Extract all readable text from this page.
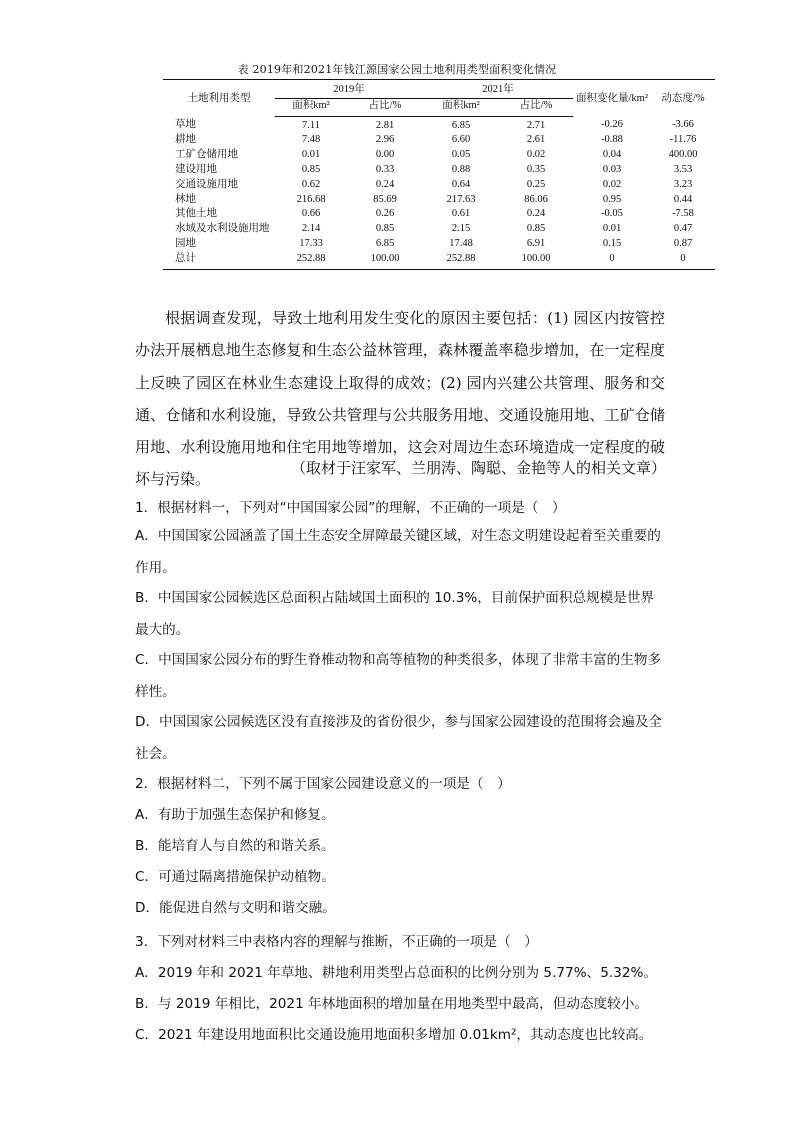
表 2019年和2021年钱江源国家公园土地利用类型面积变化情况
土地利用类型	2019年		2021年		面积变化量/km²	动态度/%
	面积km²	占比/%	面积km²	占比/%		
草地	7.11	2.81	6.85	2.71	-0.26	-3.66
耕地	7.48	2.96	6.60	2.61	-0.88	-11.76
工矿仓储用地	0.01	0.00	0.05	0.02	0.04	400.00
建设用地	0.85	0.33	0.88	0.35	0.03	3.53
交通设施用地	0.62	0.24	0.64	0.25	0.02	3.23
林地	216.68	85.69	217.63	86.06	0.95	0.44
其他土地	0.66	0.26	0.61	0.24	-0.05	-7.58
水域及水利设施用地	2.14	0.85	2.15	0.85	0.01	0.47
园地	17.33	6.85	17.48	6.91	0.15	0.87
总计	252.88	100.00	252.88	100.00	0	0
根据调查发现，导致土地利用发生变化的原因主要包括：(1) 园区内按管控办法开展栖息地生态修复和生态公益林管理，森林覆盖率稳步增加，在一定程度上反映了园区在林业生态建设上取得的成效；(2) 园内兴建公共管理、服务和交通、仓储和水利设施，导致公共管理与公共服务用地、交通设施用地、工矿仓储用地、水利设施用地和住宅用地等增加，这会对周边生态环境造成一定程度的破坏与污染。
（取材于汪家军、兰朋涛、陶聪、金艳等人的相关文章）
1．根据材料一，下列对“中国国家公园”的理解，不正确的一项是（　）
A．中国国家公园涵盖了国土生态安全屏障最关键区域，对生态文明建设起着至关重要的作用。
B．中国国家公园候选区总面积占陆域国土面积的 10.3%，目前保护面积总规模是世界最大的。
C．中国国家公园分布的野生脊椎动物和高等植物的种类很多，体现了非常丰富的生物多样性。
D．中国国家公园候选区没有直接涉及的省份很少，参与国家公园建设的范围将会遍及全社会。
2．根据材料二，下列不属于国家公园建设意义的一项是（　）
A．有助于加强生态保护和修复。
B．能培育人与自然的和谐关系。
C．可通过隔离措施保护动植物。
D．能促进自然与文明和谐交融。
3．下列对材料三中表格内容的理解与推断，不正确的一项是（　）
A．2019 年和 2021 年草地、耕地利用类型占总面积的比例分别为 5.77%、5.32%。
B．与 2019 年相比，2021 年林地面积的增加量在用地类型中最高，但动态度较小。
C．2021 年建设用地面积比交通设施用地面积多增加 0.01km²，其动态度也比较高。
